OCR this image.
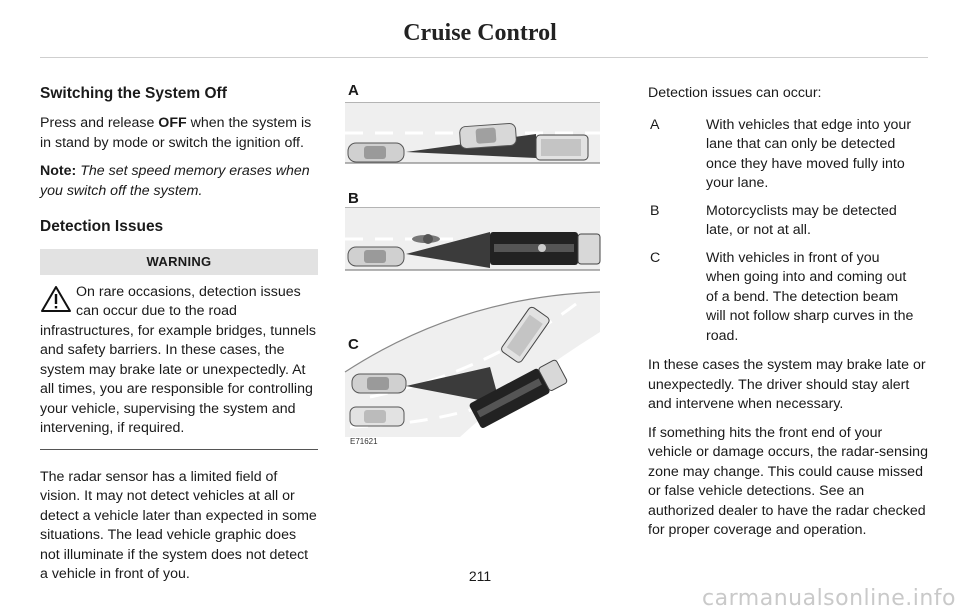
Cruise Control
Switching the System Off

Press and release OFF when the system is in stand by mode or switch the ignition off.

Note: The set speed memory erases when you switch off the system.

Detection Issues
WARNING
On rare occasions, detection issues can occur due to the road infrastructures, for example bridges, tunnels and safety barriers. In these cases, the system may brake late or unexpectedly. At all times, you are responsible for controlling your vehicle, supervising the system and intervening, if required.

The radar sensor has a limited field of vision. It may not detect vehicles at all or detect a vehicle later than expected in some situations. The lead vehicle graphic does not illuminate if the system does not detect a vehicle in front of you.

A
B
C
E71621

Detection issues can occur:

A	With vehicles that edge into your lane that can only be detected once they have moved fully into your lane.
B	Motorcyclists may be detected late, or not at all.
C	With vehicles in front of you when going into and coming out of a bend. The detection beam will not follow sharp curves in the road.

In these cases the system may brake late or unexpectedly. The driver should stay alert and intervene when necessary.

If something hits the front end of your vehicle or damage occurs, the radar-sensing zone may change. This could cause missed or false vehicle detections. See an authorized dealer to have the radar checked for proper coverage and operation.

211
carmanualsonline.info
